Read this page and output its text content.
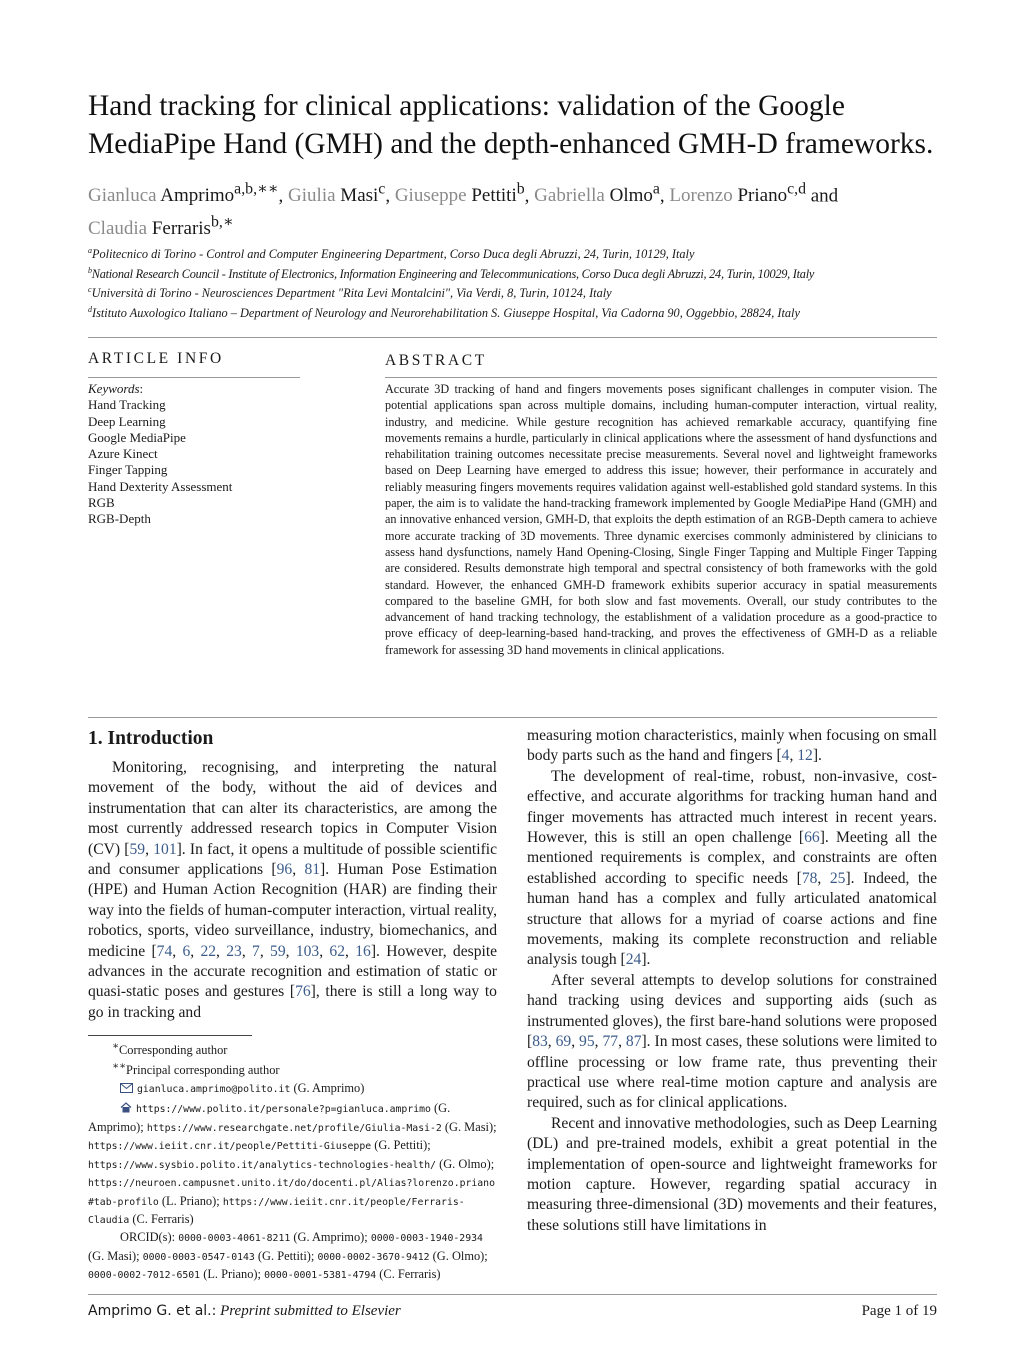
Hand tracking for clinical applications: validation of the Google MediaPipe Hand (GMH) and the depth-enhanced GMH-D frameworks.
Gianluca Amprimo$^{a,b,∗∗}$, Giulia Masi$^c$, Giuseppe Pettiti$^b$, Gabriella Olmo$^a$, Lorenzo Priano$^{c,d}$ and
Claudia Ferraris$^{b,∗}$
$^a$Politecnico di Torino - Control and Computer Engineering Department, Corso Duca degli Abruzzi, 24, Turin, 10129, Italy
$^b$National Research Council - Institute of Electronics, Information Engineering and Telecommunications, Corso Duca degli Abruzzi, 24, Turin, 10029, Italy
$^c$Università di Torino - Neurosciences Department "Rita Levi Montalcini", Via Verdi, 8, Turin, 10124, Italy
$^d$Istituto Auxologico Italiano – Department of Neurology and Neurorehabilitation S. Giuseppe Hospital, Via Cadorna 90, Oggebbio, 28824, Italy
ARTICLE INFO
Keywords:
Hand Tracking
Deep Learning
Google MediaPipe
Azure Kinect
Finger Tapping
Hand Dexterity Assessment
RGB
RGB-Depth
ABSTRACT
Accurate 3D tracking of hand and fingers movements poses significant challenges in computer vision. The potential applications span across multiple domains, including human-computer interaction, virtual reality, industry, and medicine. While gesture recognition has achieved remarkable accuracy, quantifying fine movements remains a hurdle, particularly in clinical applications where the assessment of hand dysfunctions and rehabilitation training outcomes necessitate precise measurements. Several novel and lightweight frameworks based on Deep Learning have emerged to address this issue; however, their performance in accurately and reliably measuring fingers movements requires validation against well-established gold standard systems. In this paper, the aim is to validate the hand-tracking framework implemented by Google MediaPipe Hand (GMH) and an innovative enhanced version, GMH-D, that exploits the depth estimation of an RGB-Depth camera to achieve more accurate tracking of 3D movements. Three dynamic exercises commonly administered by clinicians to assess hand dysfunctions, namely Hand Opening-Closing, Single Finger Tapping and Multiple Finger Tapping are considered. Results demonstrate high temporal and spectral consistency of both frameworks with the gold standard. However, the enhanced GMH-D framework exhibits superior accuracy in spatial measurements compared to the baseline GMH, for both slow and fast movements. Overall, our study contributes to the advancement of hand tracking technology, the establishment of a validation procedure as a good-practice to prove efficacy of deep-learning-based hand-tracking, and proves the effectiveness of GMH-D as a reliable framework for assessing 3D hand movements in clinical applications.
1. Introduction

Monitoring, recognising, and interpreting the natural movement of the body, without the aid of devices and instrumentation that can alter its characteristics, are among the most currently addressed research topics in Computer Vision (CV) [59, 101]. In fact, it opens a multitude of possible scientific and consumer applications [96, 81]. Human Pose Estimation (HPE) and Human Action Recognition (HAR) are finding their way into the fields of human-computer interaction, virtual reality, robotics, sports, video surveillance, industry, biomechanics, and medicine [74, 6, 22, 23, 7, 59, 103, 62, 16]. However, despite advances in the accurate recognition and estimation of static or quasi-static poses and gestures [76], there is still a long way to go in tracking and

measuring motion characteristics, mainly when focusing on small body parts such as the hand and fingers [4, 12].

The development of real-time, robust, non-invasive, cost-effective, and accurate algorithms for tracking human hand and finger movements has attracted much interest in recent years. However, this is still an open challenge [66]. Meeting all the mentioned requirements is complex, and constraints are often established according to specific needs [78, 25]. Indeed, the human hand has a complex and fully articulated anatomical structure that allows for a myriad of coarse actions and fine movements, making its complete reconstruction and reliable analysis tough [24].

After several attempts to develop solutions for constrained hand tracking using devices and supporting aids (such as instrumented gloves), the first bare-hand solutions were proposed [83, 69, 95, 77, 87]. In most cases, these solutions were limited to offline processing or low frame rate, thus preventing their practical use where real-time motion capture and analysis are required, such as for clinical applications.

Recent and innovative methodologies, such as Deep Learning (DL) and pre-trained models, exhibit a great potential in the implementation of open-source and lightweight frameworks for motion capture. However, regarding spatial accuracy in measuring three-dimensional (3D) movements and their features, these solutions still have limitations in

∗Corresponding author
∗∗Principal corresponding author
gianluca.amprimo@polito.it (G. Amprimo)
https://www.polito.it/personale?p=gianluca.amprimo (G. Amprimo); https://www.researchgate.net/profile/Giulia-Masi-2 (G. Masi); https://www.ieiit.cnr.it/people/Pettiti-Giuseppe (G. Pettiti); https://www.sysbio.polito.it/analytics-technologies-health/ (G. Olmo); https://neuroen.campusnet.unito.it/do/docenti.pl/Alias?lorenzo.priano#tab-profilo (L. Priano); https://www.ieiit.cnr.it/people/Ferraris-Claudia (C. Ferraris)
ORCID(s): 0000-0003-4061-8211 (G. Amprimo); 0000-0003-1940-2934 (G. Masi); 0000-0003-0547-0143 (G. Pettiti); 0000-0002-3670-9412 (G. Olmo); 0000-0002-7012-6501 (L. Priano); 0000-0001-5381-4794 (C. Ferraris)
Amprimo G. et al.: Preprint submitted to Elsevier	Page 1 of 19
